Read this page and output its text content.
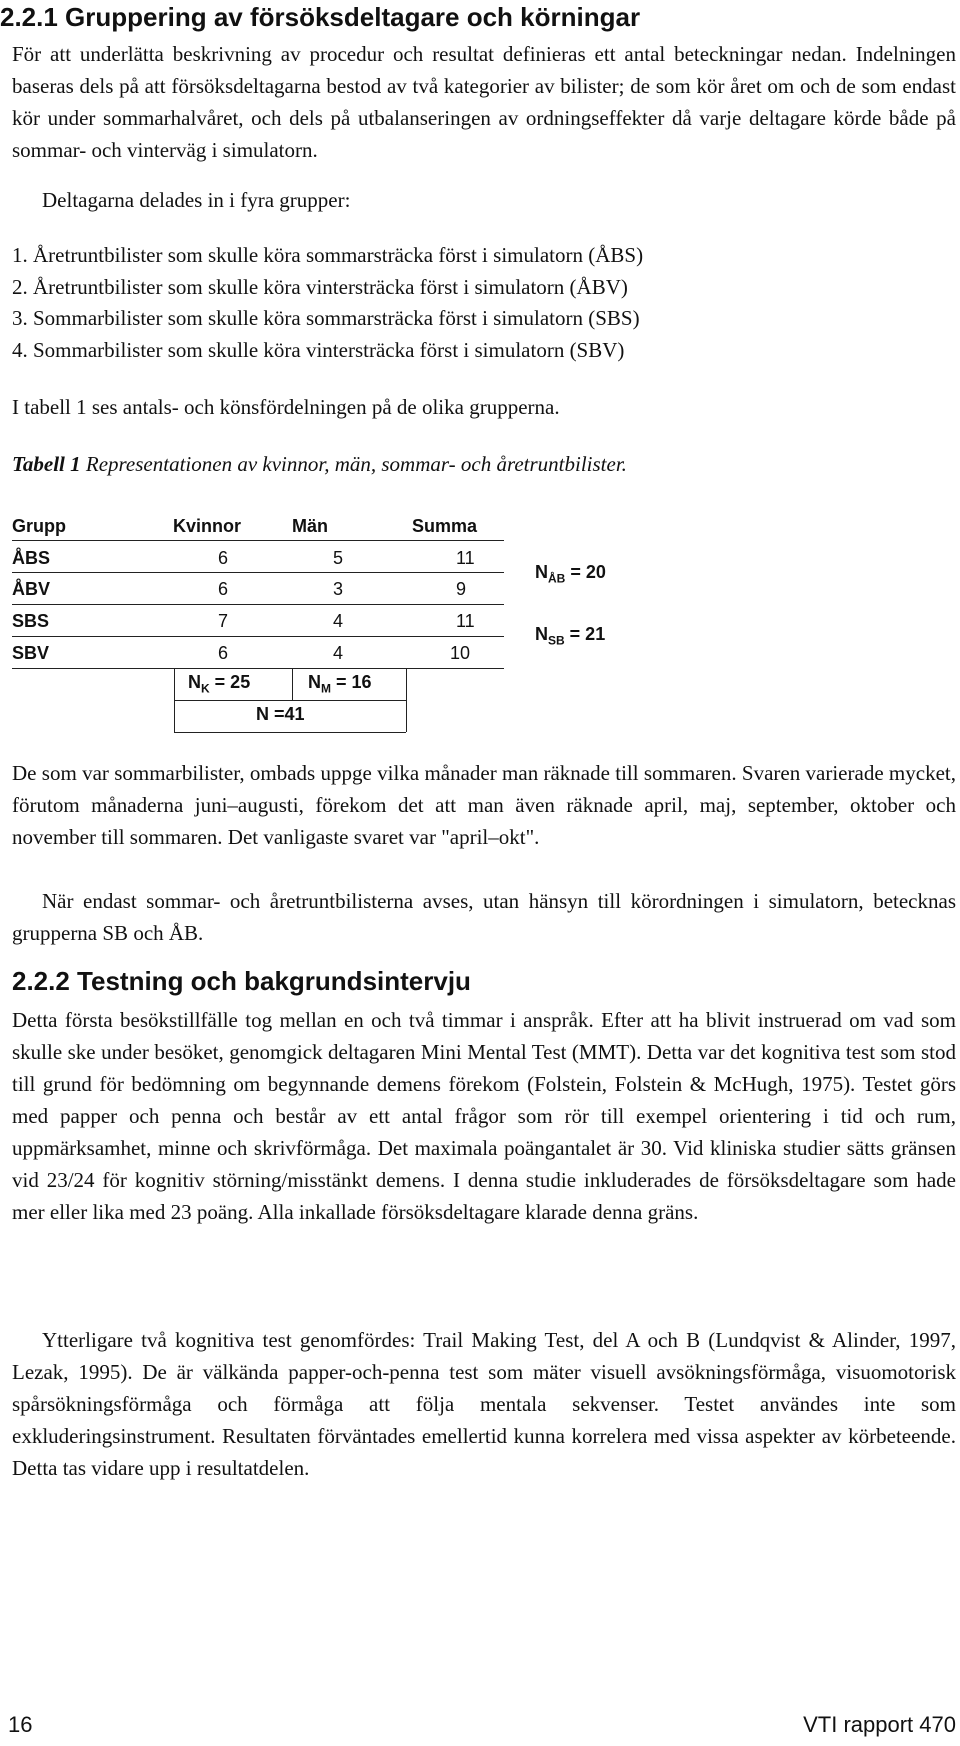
2.2.1 Gruppering av försöksdeltagare och körningar
För att underlätta beskrivning av procedur och resultat definieras ett antal beteckningar nedan. Indelningen baseras dels på att försöksdeltagarna bestod av två kategorier av bilister; de som kör året om och de som endast kör under sommarhalvåret, och dels på utbalanseringen av ordningseffekter då varje deltagare körde både på sommar- och vinterväg i simulatorn.
Deltagarna delades in i fyra grupper:
1. Åretruntbilister som skulle köra sommarsträcka först i simulatorn (ÅBS)
2. Åretruntbilister som skulle köra vintersträcka först i simulatorn (ÅBV)
3. Sommarbilister som skulle köra sommarsträcka först i simulatorn (SBS)
4. Sommarbilister som skulle köra vintersträcka först i simulatorn (SBV)
I tabell 1 ses antals- och könsfördelningen på de olika grupperna.
Tabell 1 Representationen av kvinnor, män, sommar- och åretruntbilister.
Grupp	Kvinnor	Män	Summa
ÅBS	6	5	11
ÅBV	6	3	9
SBS	7	4	11
SBV	6	4	10
$N_K = 25$	$N_M = 16$
N =41
$N_{ÅB} = 20$
$N_{SB} = 21$
De som var sommarbilister, ombads uppge vilka månader man räknade till sommaren. Svaren varierade mycket, förutom månaderna juni–augusti, förekom det att man även räknade april, maj, september, oktober och november till sommaren. Det vanligaste svaret var "april–okt".
När endast sommar- och åretruntbilisterna avses, utan hänsyn till körordningen i simulatorn, betecknas grupperna SB och ÅB.
2.2.2 Testning och bakgrundsintervju
Detta första besökstillfälle tog mellan en och två timmar i anspråk. Efter att ha blivit instruerad om vad som skulle ske under besöket, genomgick deltagaren Mini Mental Test (MMT). Detta var det kognitiva test som stod till grund för bedömning om begynnande demens förekom (Folstein, Folstein & McHugh, 1975). Testet görs med papper och penna och består av ett antal frågor som rör till exempel orientering i tid och rum, uppmärksamhet, minne och skrivförmåga. Det maximala poängantalet är 30. Vid kliniska studier sätts gränsen vid 23/24 för kognitiv störning/misstänkt demens. I denna studie inkluderades de försöksdeltagare som hade mer eller lika med 23 poäng. Alla inkallade försöksdeltagare klarade denna gräns.
Ytterligare två kognitiva test genomfördes: Trail Making Test, del A och B (Lundqvist & Alinder, 1997, Lezak, 1995). De är välkända papper-och-penna test som mäter visuell avsökningsförmåga, visuomotorisk spårsökningsförmåga och förmåga att följa mentala sekvenser. Testet användes inte som exkluderingsinstrument. Resultaten förväntades emellertid kunna korrelera med vissa aspekter av körbeteende. Detta tas vidare upp i resultatdelen.
16	VTI rapport 470
